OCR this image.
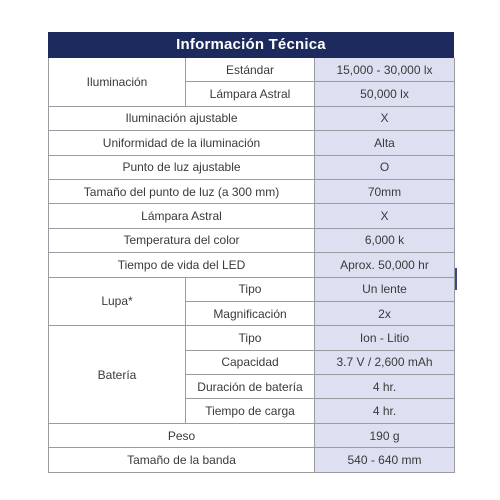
Información Técnica
Iluminación	Estándar	15,000 - 30,000 lx
	Lámpara Astral	50,000 lx
Iluminación ajustable		X
Uniformidad de la iluminación		Alta
Punto de luz ajustable		O
Tamaño del punto de luz (a 300 mm)		70mm
Lámpara Astral		X
Temperatura del color		6,000 k
Tiempo de vida del LED		Aprox. 50,000 hr
Lupa*	Tipo	Un lente
	Magnificación	2x
Batería	Tipo	Ion - Litio
	Capacidad	3.7 V / 2,600 mAh
	Duración de batería	4 hr.
	Tiempo de carga	4 hr.
Peso		190 g
Tamaño de la banda		540 - 640 mm
